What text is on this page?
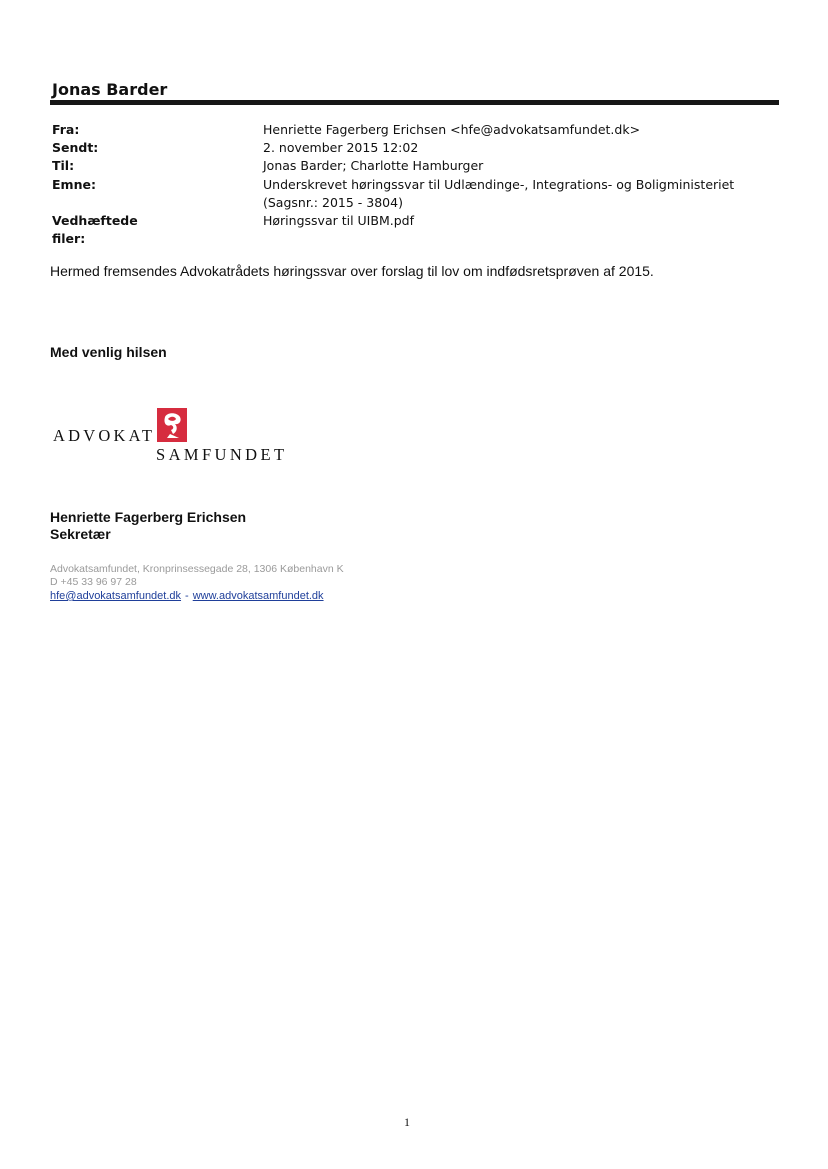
Jonas Barder
Fra:	Henriette Fagerberg Erichsen <hfe@advokatsamfundet.dk>
Sendt:	2. november 2015 12:02
Til:	Jonas Barder; Charlotte Hamburger
Emne:	Underskrevet høringssvar til Udlændinge-, Integrations- og Boligministeriet
(Sagsnr.: 2015 - 3804)
Vedhæftede filer:
Høringssvar til UIBM.pdf
Hermed fremsendes Advokatrådets høringssvar over forslag til lov om indfødsretsprøven af 2015.
Med venlig hilsen
ADVOKAT
SAMFUNDET
Henriette Fagerberg Erichsen
Sekretær
Advokatsamfundet, Kronprinsessegade 28, 1306 København K
D +45 33 96 97 28
hfe@advokatsamfundet.dk - www.advokatsamfundet.dk
1
